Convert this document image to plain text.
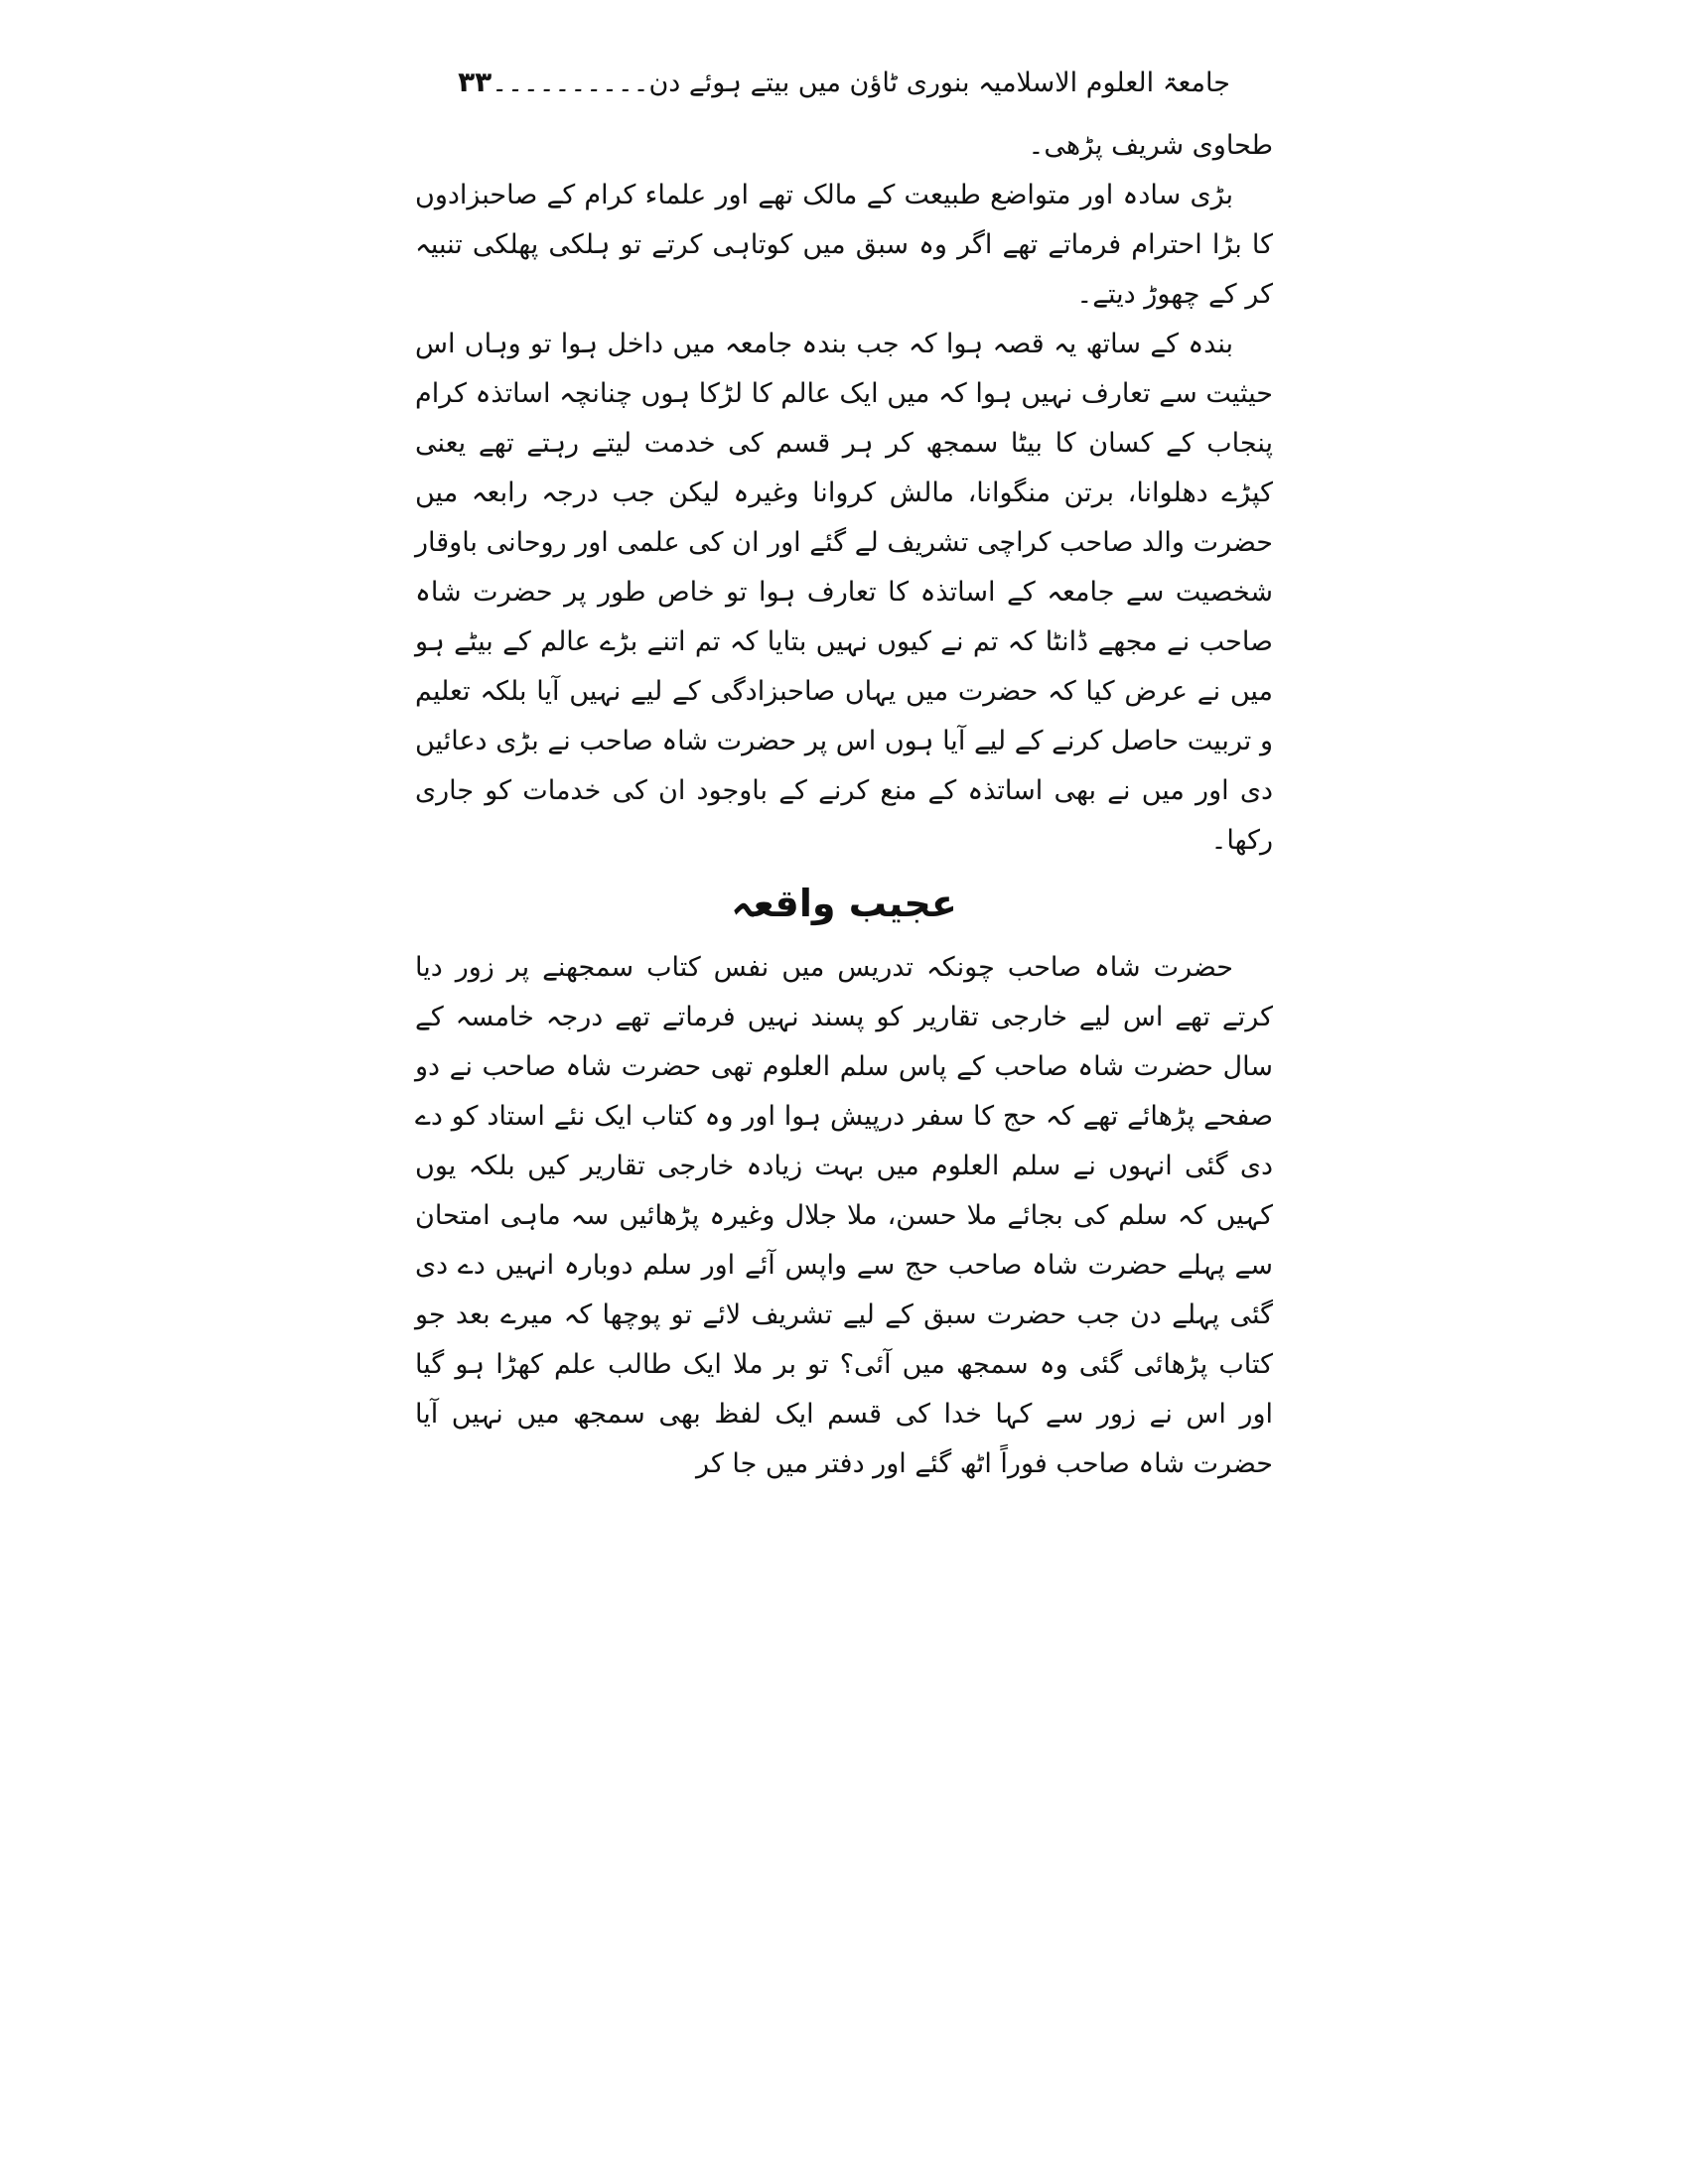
جامعۃ العلوم الاسلامیہ بنوری ٹاؤن میں بیتے ہوئے دن۔۔۔۔۔۔۔۔۔۔۳۳

طحاوی شریف پڑھی۔

بڑی سادہ اور متواضع طبیعت کے مالک تھے اور علماء کرام کے صاحبزادوں کا بڑا احترام فرماتے تھے اگر وہ سبق میں کوتاہی کرتے تو ہلکی پھلکی تنبیہ کر کے چھوڑ دیتے۔

بندہ کے ساتھ یہ قصہ ہوا کہ جب بندہ جامعہ میں داخل ہوا تو وہاں اس حیثیت سے تعارف نہیں ہوا کہ میں ایک عالم کا لڑکا ہوں چنانچہ اساتذہ کرام پنجاب کے کسان کا بیٹا سمجھ کر ہر قسم کی خدمت لیتے رہتے تھے یعنی کپڑے دھلوانا، برتن منگوانا، مالش کروانا وغیرہ لیکن جب درجہ رابعہ میں حضرت والد صاحب کراچی تشریف لے گئے اور ان کی علمی اور روحانی باوقار شخصیت سے جامعہ کے اساتذہ کا تعارف ہوا تو خاص طور پر حضرت شاہ صاحب نے مجھے ڈانٹا کہ تم نے کیوں نہیں بتایا کہ تم اتنے بڑے عالم کے بیٹے ہو میں نے عرض کیا کہ حضرت میں یہاں صاحبزادگی کے لیے نہیں آیا بلکہ تعلیم و تربیت حاصل کرنے کے لیے آیا ہوں اس پر حضرت شاہ صاحب نے بڑی دعائیں دی اور میں نے بھی اساتذہ کے منع کرنے کے باوجود ان کی خدمات کو جاری رکھا۔

عجیب واقعہ

حضرت شاہ صاحب چونکہ تدریس میں نفس کتاب سمجھنے پر زور دیا کرتے تھے اس لیے خارجی تقاریر کو پسند نہیں فرماتے تھے درجہ خامسہ کے سال حضرت شاہ صاحب کے پاس سلم العلوم تھی حضرت شاہ صاحب نے دو صفحے پڑھائے تھے کہ حج کا سفر درپیش ہوا اور وہ کتاب ایک نئے استاد کو دے دی گئی انہوں نے سلم العلوم میں بہت زیادہ خارجی تقاریر کیں بلکہ یوں کہیں کہ سلم کی بجائے ملا حسن، ملا جلال وغیرہ پڑھائیں سہ ماہی امتحان سے پہلے حضرت شاہ صاحب حج سے واپس آئے اور سلم دوبارہ انہیں دے دی گئی پہلے دن جب حضرت سبق کے لیے تشریف لائے تو پوچھا کہ میرے بعد جو کتاب پڑھائی گئی وہ سمجھ میں آئی؟ تو بر ملا ایک طالب علم کھڑا ہو گیا اور اس نے زور سے کہا خدا کی قسم ایک لفظ بھی سمجھ میں نہیں آیا حضرت شاہ صاحب فوراً اٹھ گئے اور دفتر میں جا کر
